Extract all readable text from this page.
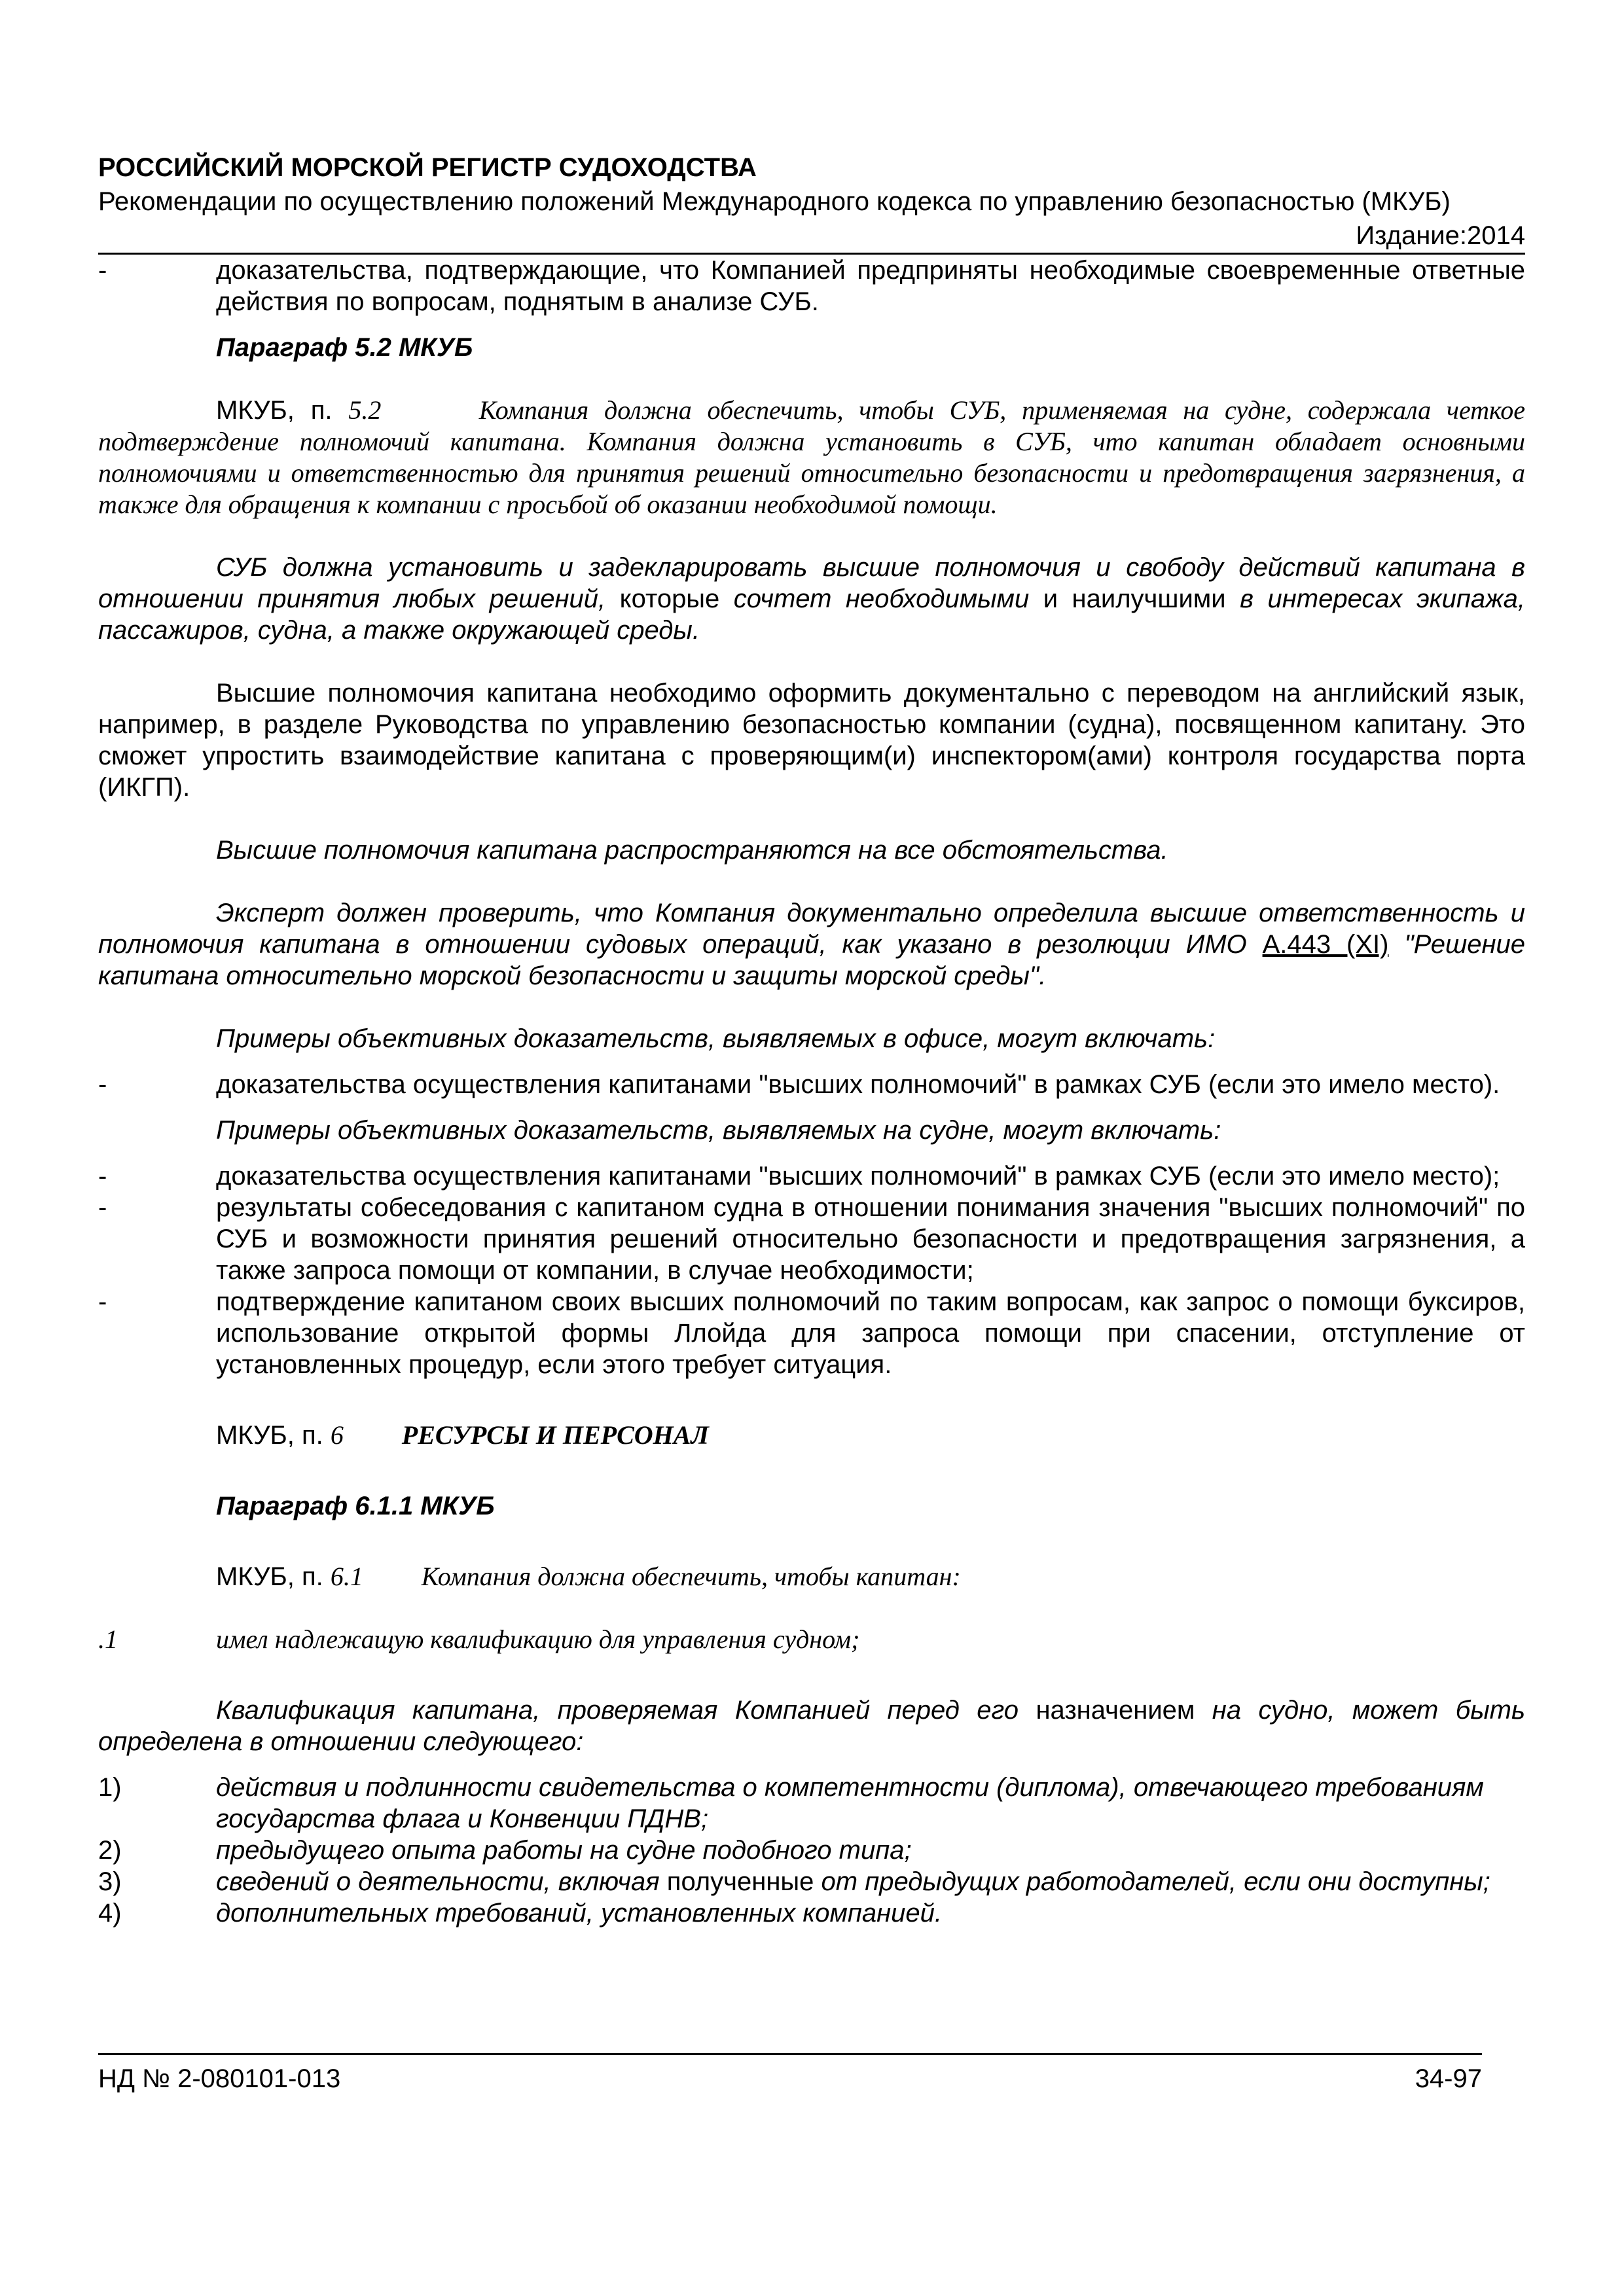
РОССИЙСКИЙ МОРСКОЙ РЕГИСТР СУДОХОДСТВА

Рекомендации по осуществлению положений Международного кодекса по управлению безопасностью (МКУБ)

Издание:2014

-	доказательства, подтверждающие, что Компанией предприняты необходимые своевременные ответные действия по вопросам, поднятым в анализе СУБ.

Параграф 5.2 МКУБ

МКУБ, п. 5.2	Компания должна обеспечить, чтобы СУБ, применяемая на судне, содержала четкое подтверждение полномочий капитана. Компания должна установить в СУБ, что капитан обладает основными полномочиями и ответственностью для принятия решений относительно безопасности и предотвращения загрязнения, а также для обращения к компании с просьбой об оказании необходимой помощи.

СУБ должна установить и задекларировать высшие полномочия и свободу действий капитана в отношении принятия любых решений, которые сочтет необходимыми и наилучшими в интересах экипажа, пассажиров, судна, а также окружающей среды.

Высшие полномочия капитана необходимо оформить документально с переводом на английский язык, например, в разделе Руководства по управлению безопасностью компании (судна), посвященном капитану. Это сможет упростить взаимодействие капитана с проверяющим(и) инспектором(ами) контроля государства порта (ИКГП).

Высшие полномочия капитана распространяются на все обстоятельства.

Эксперт должен проверить, что Компания документально определила высшие ответственность и полномочия капитана в отношении судовых операций, как указано в резолюции ИМО А.443 (XI) "Решение капитана относительно морской безопасности и защиты морской среды".

Примеры объективных доказательств, выявляемых в офисе, могут включать:

-	доказательства осуществления капитанами "высших полномочий" в рамках СУБ (если это имело место).

Примеры объективных доказательств, выявляемых на судне, могут включать:

-	доказательства осуществления капитанами "высших полномочий" в рамках СУБ (если это имело место);
-	результаты собеседования с капитаном судна в отношении понимания значения "высших полномочий" по СУБ и возможности принятия решений относительно безопасности и предотвращения загрязнения, а также запроса помощи от компании, в случае необходимости;
-	подтверждение капитаном своих высших полномочий по таким вопросам, как запрос о помощи буксиров, использование открытой формы Ллойда для запроса помощи при спасении, отступление от установленных процедур, если этого требует ситуация.

МКУБ, п. 6 РЕСУРСЫ И ПЕРСОНАЛ

Параграф 6.1.1 МКУБ

МКУБ, п. 6.1 Компания должна обеспечить, чтобы капитан:

.1	имел надлежащую квалификацию для управления судном;

Квалификация капитана, проверяемая Компанией перед его назначением на судно, может быть определена в отношении следующего:

1)	действия и подлинности свидетельства о компетентности (диплома), отвечающего требованиям государства флага и Конвенции ПДНВ;
2)	предыдущего опыта работы на судне подобного типа;
3)	сведений о деятельности, включая полученные от предыдущих работодателей, если они доступны;
4)	дополнительных требований, установленных компанией.
НД № 2-080101-013	34-97
